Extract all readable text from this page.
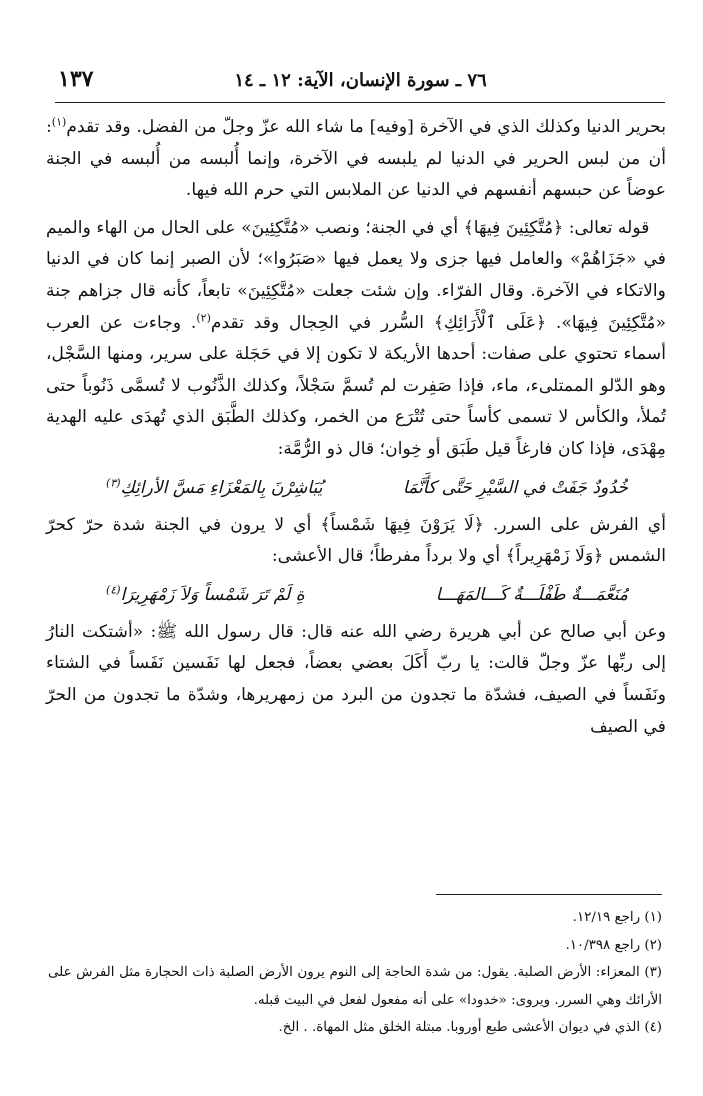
١٣٧	٧٦ ـ سورة الإنسان، الآية: ١٢ ـ ١٤

بحرير الدنيا وكذلك الذي في الآخرة [وفيه] ما شاء الله عزّ وجلّ من الفضل. وقد تقدم$^{(١)}$: أن من لبس الحرير في الدنيا لم يلبسه في الآخرة، وإنما أُلبسه من أُلبسه في الجنة عوضاً عن حبسهم أنفسهم في الدنيا عن الملابس التي حرم الله فيها.

قوله تعالى: ﴿مُتَّكِئِينَ فِيهَا﴾ أي في الجنة؛ ونصب «مُتَّكِئِينَ» على الحال من الهاء والميم في «جَزَاهُمْ» والعامل فيها جزى ولا يعمل فيها «صَبَرُوا»؛ لأن الصبر إنما كان في الدنيا والاتكاء في الآخرة. وقال الفرّاء. وإن شئت جعلت «مُتَّكِئِينَ» تابعاً، كأنه قال جزاهم جنة «مُتَّكِئِينَ فِيهَا». ﴿عَلَى ٱلْأَرَائِكِ﴾ السُّرر في الحِجال وقد تقدم$^{(٢)}$. وجاءت عن العرب أسماء تحتوي على صفات: أحدها الأريكة لا تكون إلا في حَجَلة على سرير، ومنها السَّجْل، وهو الدّلو الممتلىء، ماء، فإذا صَفِرت لم تُسمَّ سَجْلاً، وكذلك الذَّنُوب لا تُسمَّى ذَنُوباً حتى تُملأ، والكأس لا تسمى كأساً حتى تُتْرَع من الخمر، وكذلك الطَّبَق الذي تُهدَى عليه الهدية مِهْدَى، فإذا كان فارغاً قيل طَبَق أو خِوان؛ قال ذو الرُّمَّة:

خُدُودٌ جَفَتْ في السَّيْرِ حَتَّى كأَنَّمَا
يُبَاشِرْنَ بِالمَعْزَاءِ مَسَّ الأرائِكِ$^{(٣)}$

أي الفرش على السرر. ﴿لَا يَرَوْنَ فِيهَا شَمْساً﴾ أي لا يرون في الجنة شدة حرّ كحرّ الشمس ﴿وَلَا زَمْهَرِيراً﴾ أي ولا برداً مفرطاً؛ قال الأعشى:

مُنَعَّمَـــةٌ طَفْلَـــةٌ كَـــالمَهَـــا
ةِ لَمْ تَرَ شَمْساً وَلاَ زَمْهَرِيرَا$^{(٤)}$

وعن أبي صالح عن أبي هريرة رضي الله عنه قال: قال رسول الله ﷺ: «أشتكت النارُ إلى ربِّها عزّ وجلّ قالت: يا ربّ أَكَلَ بعضي بعضاً، فجعل لها نَفَسين نَفَساً في الشتاء ونَفَساً في الصيف، فشدّة ما تجدون من البرد من زمهريرها، وشدّة ما تجدون من الحرّ في الصيف

(١) راجع ١٢/١٩.

(٢) راجع ١٠/٣٩٨.

(٣) المعزاء: الأرض الصلبة. يقول: من شدة الحاجة إلى النوم يرون الأرض الصلبة ذات الحجارة مثل الفرش على الأرائك وهي السرر. ويروى: «خدودا» على أنه مفعول لفعل في البيت قبله.

(٤) الذي في ديوان الأعشى طبع أوروبا. مبتلة الخلق مثل المهاة. . الخ.
